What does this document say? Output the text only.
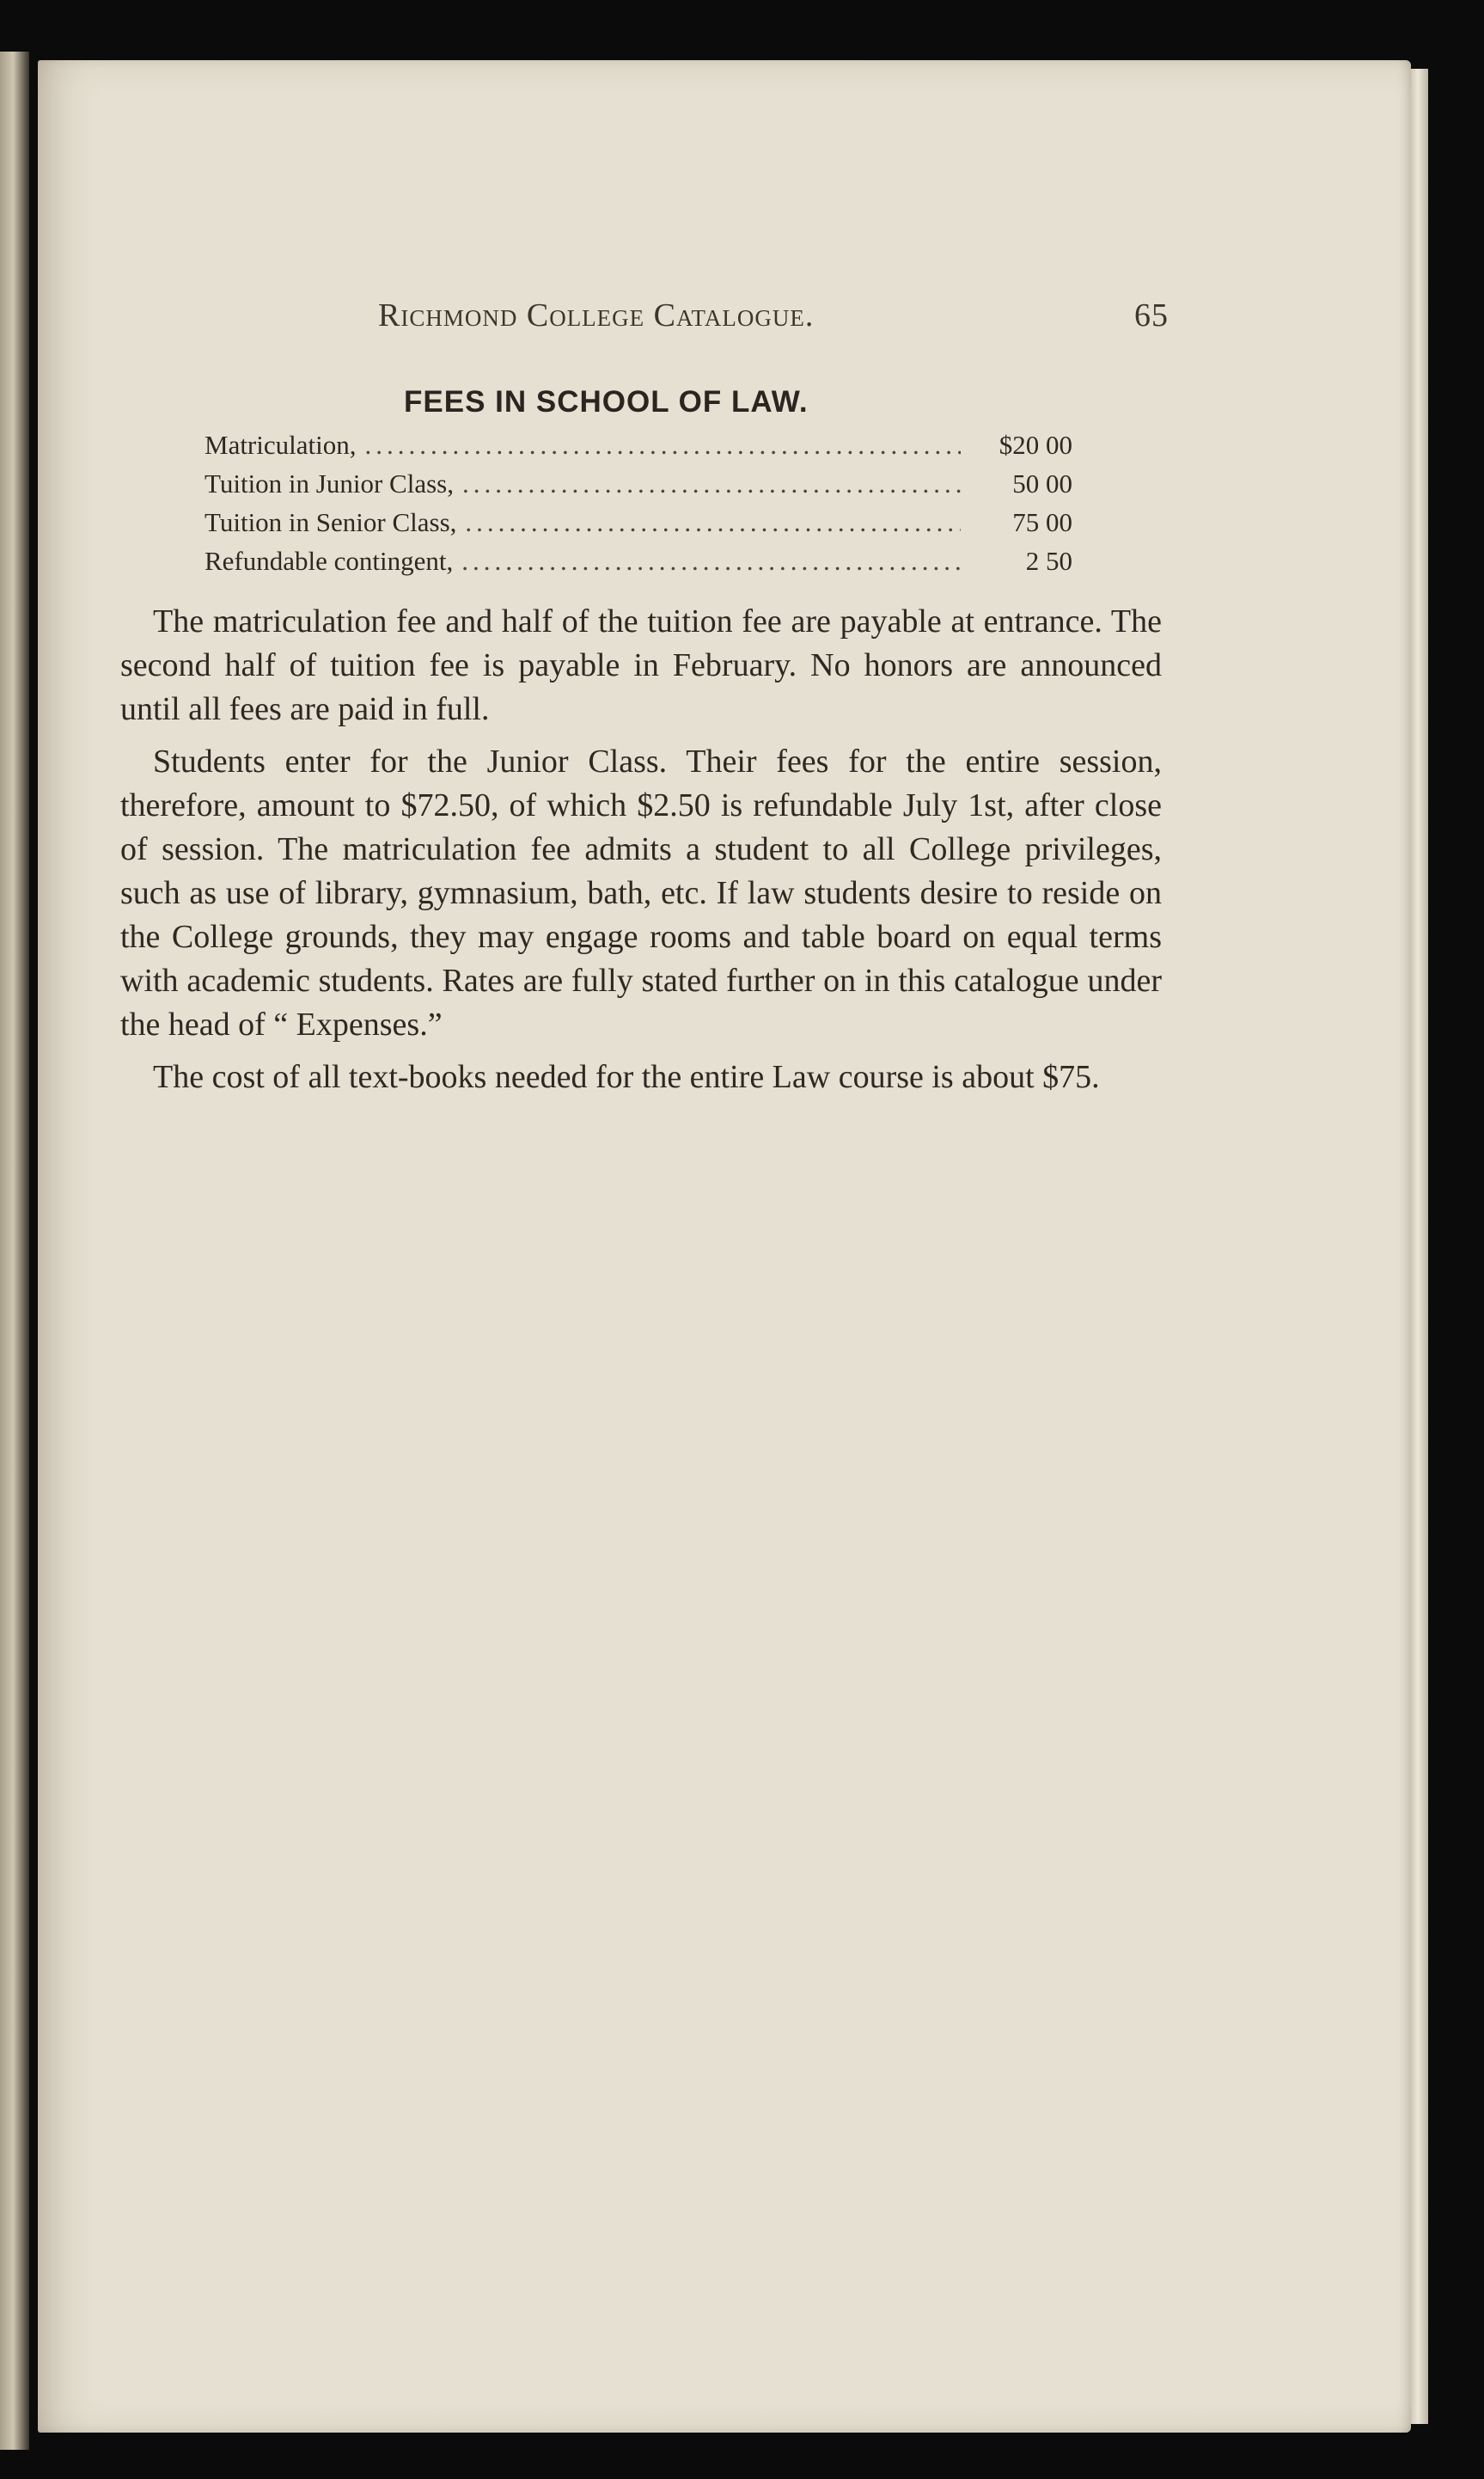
Richmond College Catalogue.	65
FEES IN SCHOOL OF LAW.
Matriculation, .....	$20 00
Tuition in Junior Class, .....	50 00
Tuition in Senior Class, .....	75 00
Refundable contingent, .....	2 50

The matriculation fee and half of the tuition fee are payable at entrance. The second half of tuition fee is payable in February. No honors are announced until all fees are paid in full.

Students enter for the Junior Class. Their fees for the entire session, therefore, amount to $72.50, of which $2.50 is refundable July 1st, after close of session. The matriculation fee admits a student to all College privileges, such as use of library, gymnasium, bath, etc. If law students desire to reside on the College grounds, they may engage rooms and table board on equal terms with academic students. Rates are fully stated further on in this catalogue under the head of “ Expenses.”

The cost of all text-books needed for the entire Law course is about $75.
